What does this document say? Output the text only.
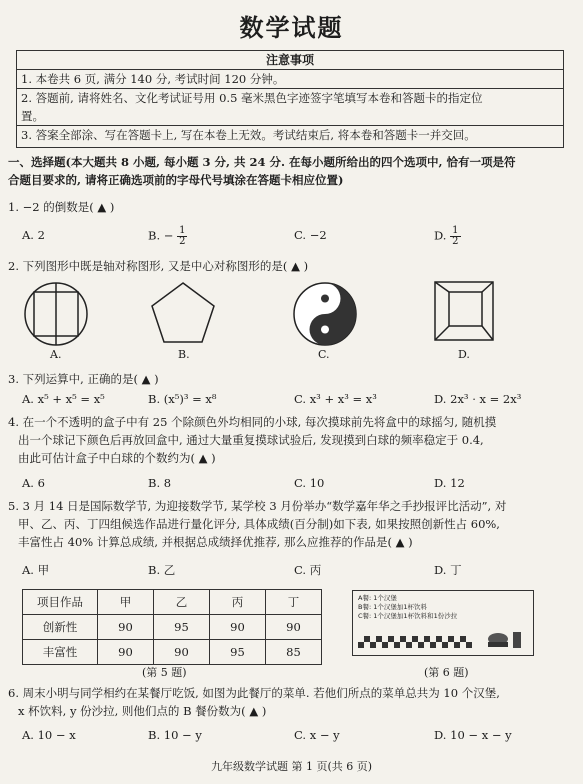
数学试题
注意事项
1. 本卷共 6 页, 满分 140 分, 考试时间 120 分钟。
2. 答题前, 请将姓名、文化考试证号用 0.5 毫米黑色字迹签字笔填写本卷和答题卡的指定位
置。
3. 答案全部涂、写在答题卡上, 写在本卷上无效。考试结束后, 将本卷和答题卡一并交回。
一、选择题(本大题共 8 小题, 每小题 3 分, 共 24 分. 在每小题所给出的四个选项中, 恰有一项是符
合题目要求的, 请将正确选项前的字母代号填涂在答题卡相应位置)
1. −2 的倒数是( ▲ )
A. 2	B. − $\frac{1}{2}$	C. −2	D. $\frac{1}{2}$
2. 下列图形中既是轴对称图形, 又是中心对称图形的是( ▲ )
A.	B.	C.	D.
3. 下列运算中, 正确的是( ▲ )
A. x⁵ + x⁵ = x⁵	B. (x⁵)³ = x⁸	C. x³ + x³ = x³	D. 2x³ · x = 2x³
4. 在一个不透明的盒子中有 25 个除颜色外均相同的小球, 每次摸球前先将盒中的球摇匀, 随机摸
出一个球记下颜色后再放回盒中, 通过大量重复摸球试验后, 发现摸到白球的频率稳定于 0.4,
由此可估计盒子中白球的个数约为( ▲ )
A. 6	B. 8	C. 10	D. 12
5. 3 月 14 日是国际数学节, 为迎接数学节, 某学校 3 月份举办“数学嘉年华之手抄报评比活动”, 对
甲、乙、丙、丁四组候选作品进行量化评分, 具体成绩(百分制)如下表, 如果按照创新性占 60%,
丰富性占 40% 计算总成绩, 并根据总成绩择优推荐, 那么应推荐的作品是( ▲ )
A. 甲	B. 乙	C. 丙	D. 丁
项目作品	甲	乙	丙	丁
创新性	90	95	90	90
丰富性	90	90	95	85
(第 5 题)
A餐: 1个汉堡
B餐: 1个汉堡加1杯饮料
C餐: 1个汉堡加1杯饮料和1份沙拉
(第 6 题)
6. 周末小明与同学相约在某餐厅吃饭, 如图为此餐厅的菜单. 若他们所点的菜单总共为 10 个汉堡,
x 杯饮料, y 份沙拉, 则他们点的 B 餐份数为( ▲ )
A. 10 − x	B. 10 − y	C. x − y	D. 10 − x − y
九年级数学试题 第 1 页(共 6 页)
